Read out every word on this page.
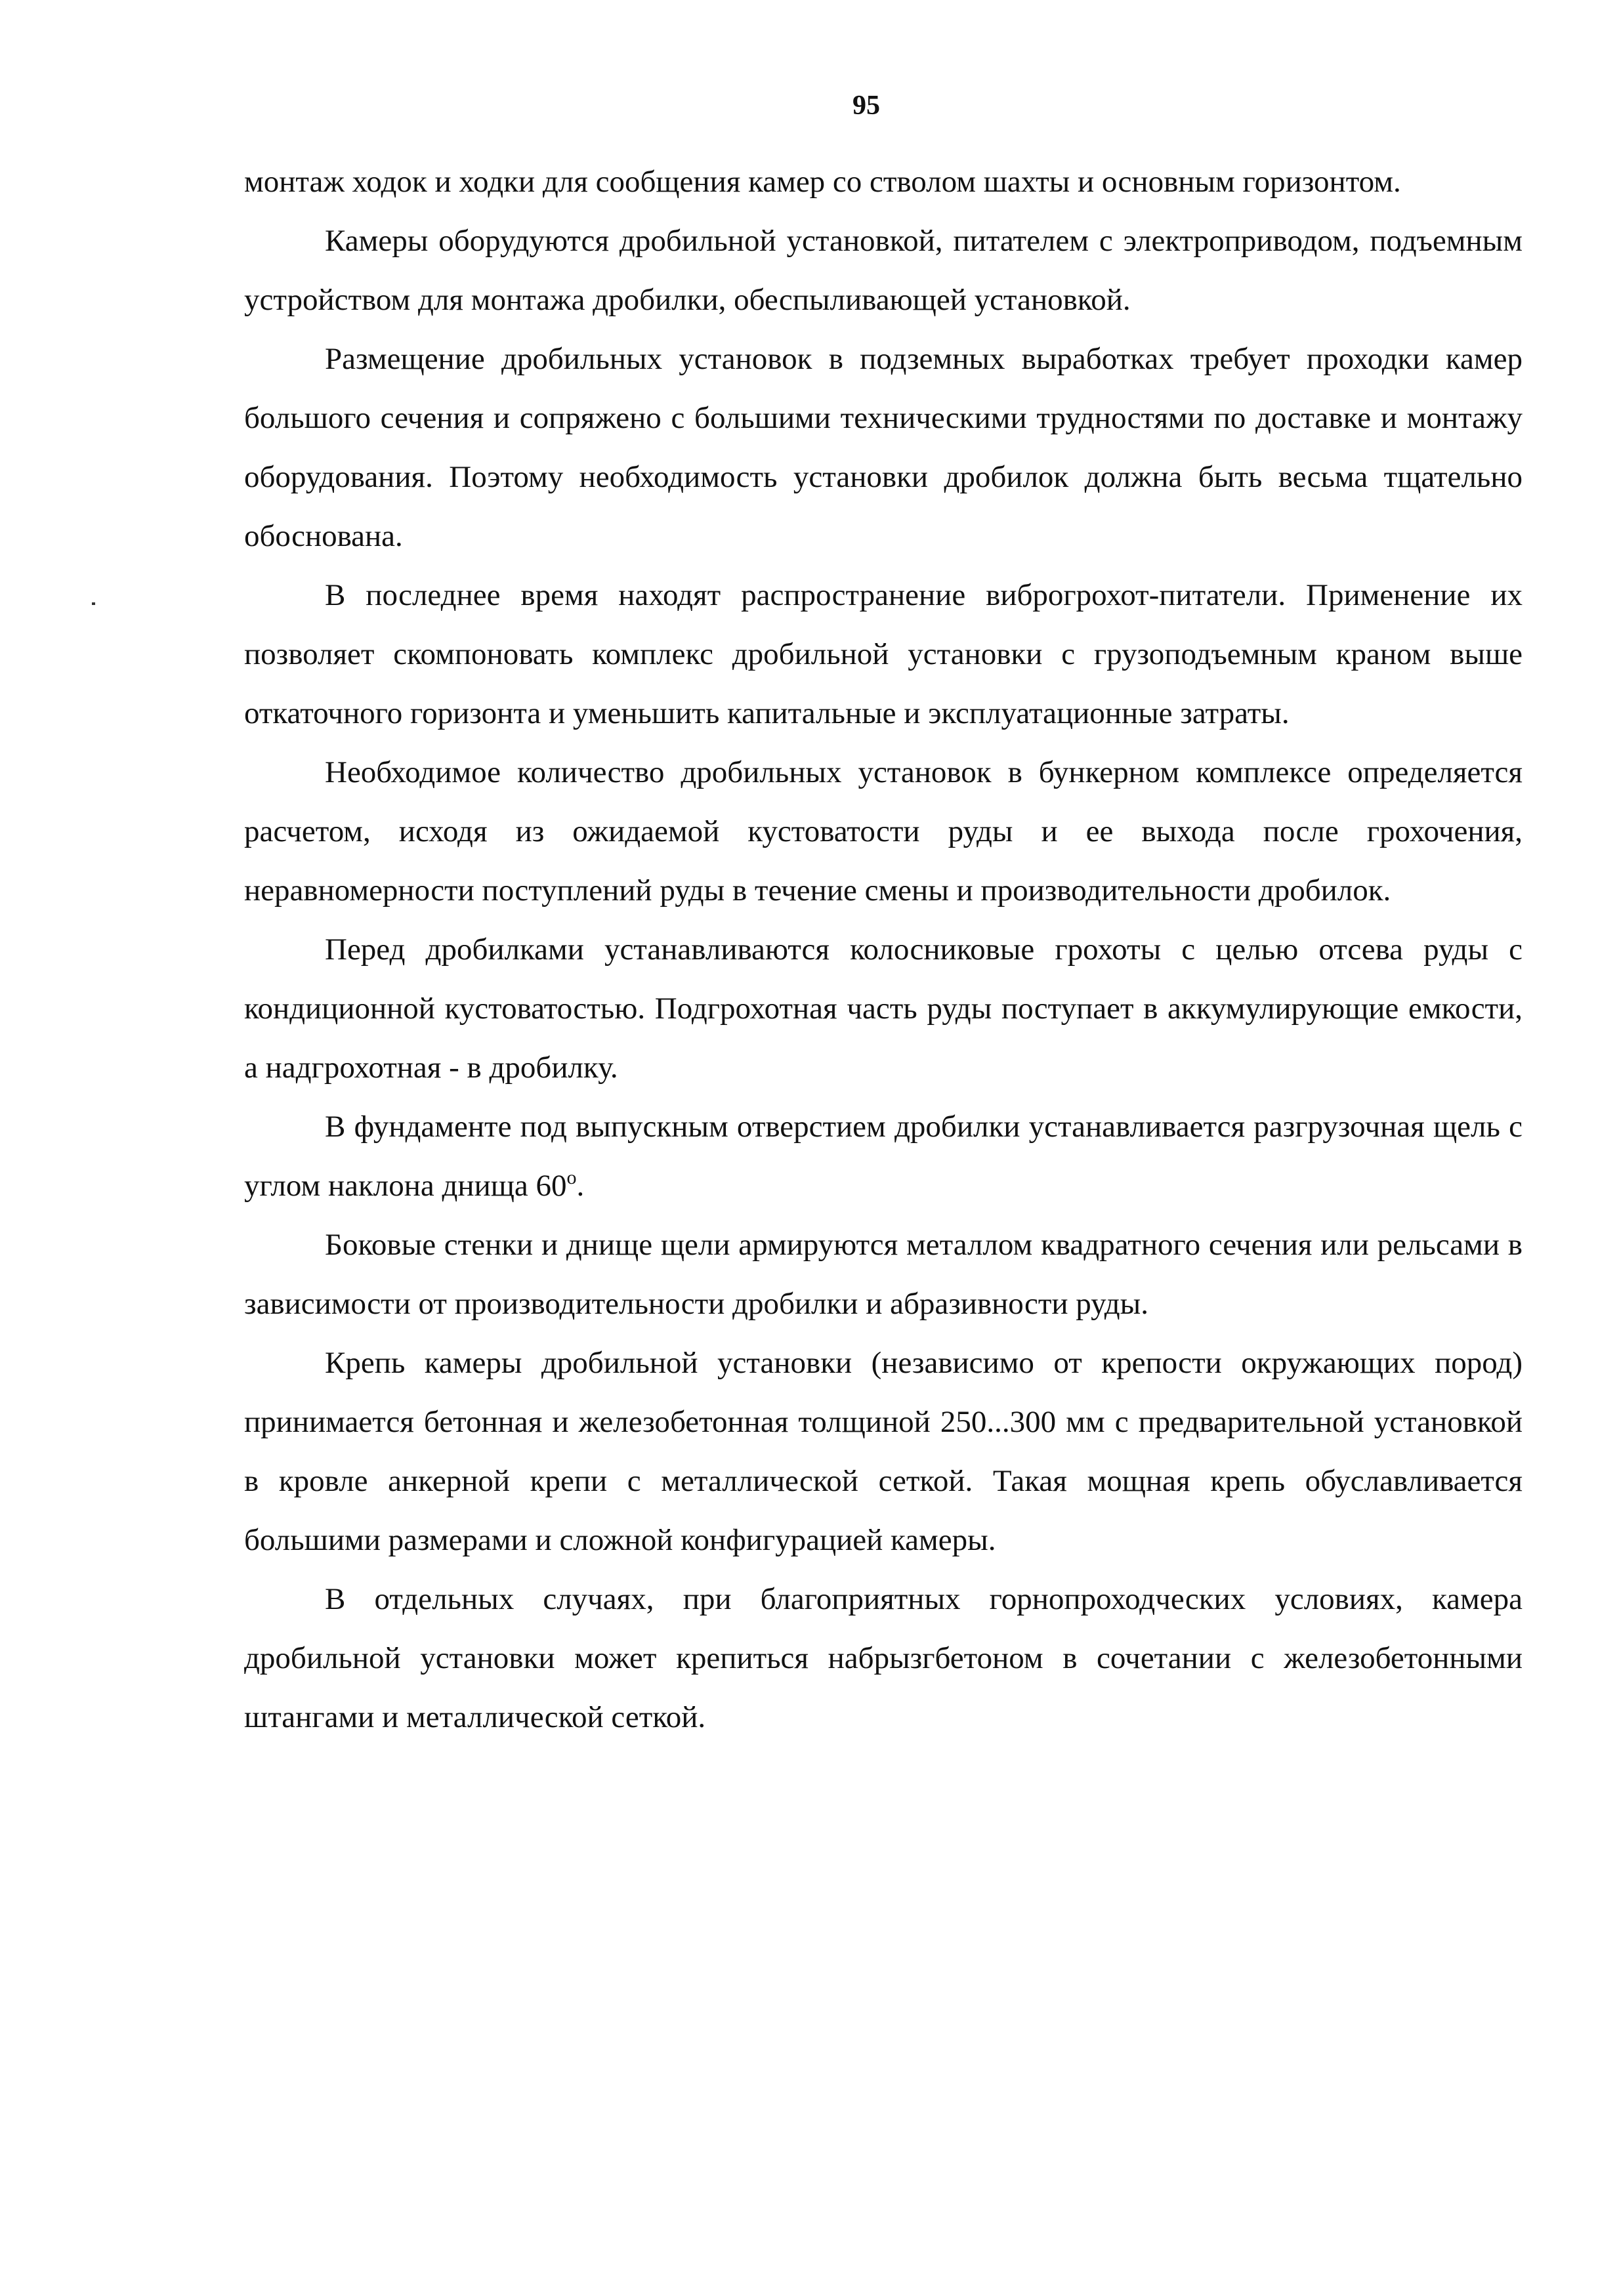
95

монтаж ходок и ходки для сообщения камер со стволом шахты и основным горизонтом.

Камеры оборудуются дробильной установкой, питателем с электроприводом, подъемным устройством для монтажа дробилки, обеспыливающей установкой.

Размещение дробильных установок в подземных выработках требует проходки камер большого сечения и сопряжено с большими техническими трудностями по доставке и монтажу оборудования. Поэтому необходимость установки дробилок должна быть весьма тщательно обоснована.

В последнее время находят распространение виброгрохот-питатели. Применение их позволяет скомпоновать комплекс дробильной установки с грузоподъемным краном выше откаточного горизонта и уменьшить капитальные и эксплуатационные затраты.

Необходимое количество дробильных установок в бункерном комплексе определяется расчетом, исходя из ожидаемой кустоватости руды и ее выхода после грохочения, неравномерности поступлений руды в течение смены и производительности дробилок.

Перед дробилками устанавливаются колосниковые грохоты с целью отсева руды с кондиционной кустоватостью. Подгрохотная часть руды поступает в аккумулирующие емкости, а надгрохотная - в дробилку.

В фундаменте под выпускным отверстием дробилки устанавливается разгрузочная щель с углом наклона днища 60$^o$.

Боковые стенки и днище щели армируются металлом квадратного сечения или рельсами в зависимости от производительности дробилки и абразивности руды.

Крепь камеры дробильной установки (независимо от крепости окружающих пород) принимается бетонная и железобетонная толщиной 250...300 мм с предварительной установкой в кровле анкерной крепи с металлической сеткой. Такая мощная крепь обуславливается большими размерами и сложной конфигурацией камеры.

В отдельных случаях, при благоприятных горнопроходческих условиях, камера дробильной установки может крепиться набрызгбетоном в сочетании с железобетонными штангами и металлической сеткой.
